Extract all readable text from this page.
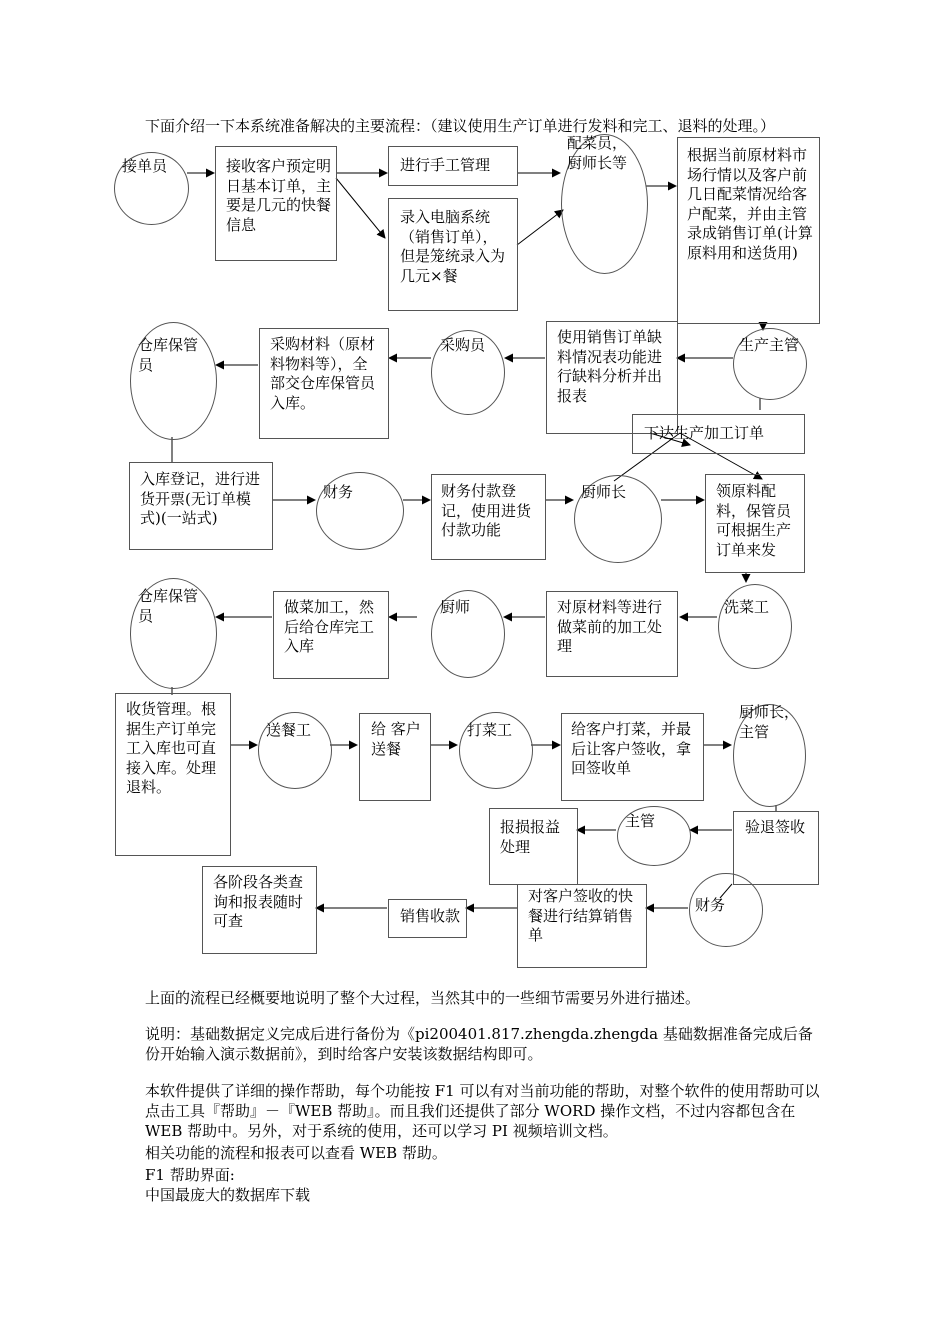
下面介绍一下本系统准备解决的主要流程：（建议使用生产订单进行发料和完工、退料的处理。）
接单员	接收客户预定明日基本订单，主要是几元的快餐信息
进行手工管理
录入电脑系统（销售订单），但是笼统录入为几元×餐
配菜员，厨师长等	根据当前原材料市场行情以及客户前几日配菜情况给客户配菜，并由主管录成销售订单(计算原料用和送货用)
生产主管
使用销售订单缺料情况表功能进行缺料分析并出报表
下达生产加工订单
采购员
采购材料（原材料物料等），全部交仓库保管员入库。
仓库保管员
入库登记，进行进货开票(无订单模式)(一站式)
财务	财务付款登记，使用进货付款功能
厨师长	领原料配料，保管员可根据生产订单来发
洗菜工
对原材料等进行做菜前的加工处理
厨师
做菜加工，然后给仓库完工入库
仓库保管员
收货管理。根据生产订单完工入库也可直接入库。处理退料。
送餐工	给 客户 送餐
打菜工	给客户打菜，并最后让客户签收，拿回签收单
厨师长，主管
验退签收
主管
报损报益处理
财务
对客户签收的快餐进行结算销售单
销售收款
各阶段各类查询和报表随时可查
上面的流程已经概要地说明了整个大过程，当然其中的一些细节需要另外进行描述。
说明：基础数据定义完成后进行备份为《pi200401.817.zhengda.zhengda 基础数据准备完成后备份开始输入演示数据前》，到时给客户安装该数据结构即可。
本软件提供了详细的操作帮助，每个功能按 F1 可以有对当前功能的帮助，对整个软件的使用帮助可以点击工具『帮助』－『WEB 帮助』。而且我们还提供了部分 WORD 操作文档，不过内容都包含在 WEB 帮助中。另外，对于系统的使用，还可以学习 PI 视频培训文档。
相关功能的流程和报表可以查看 WEB 帮助。
F1 帮助界面:
中国最庞大的数据库下载
